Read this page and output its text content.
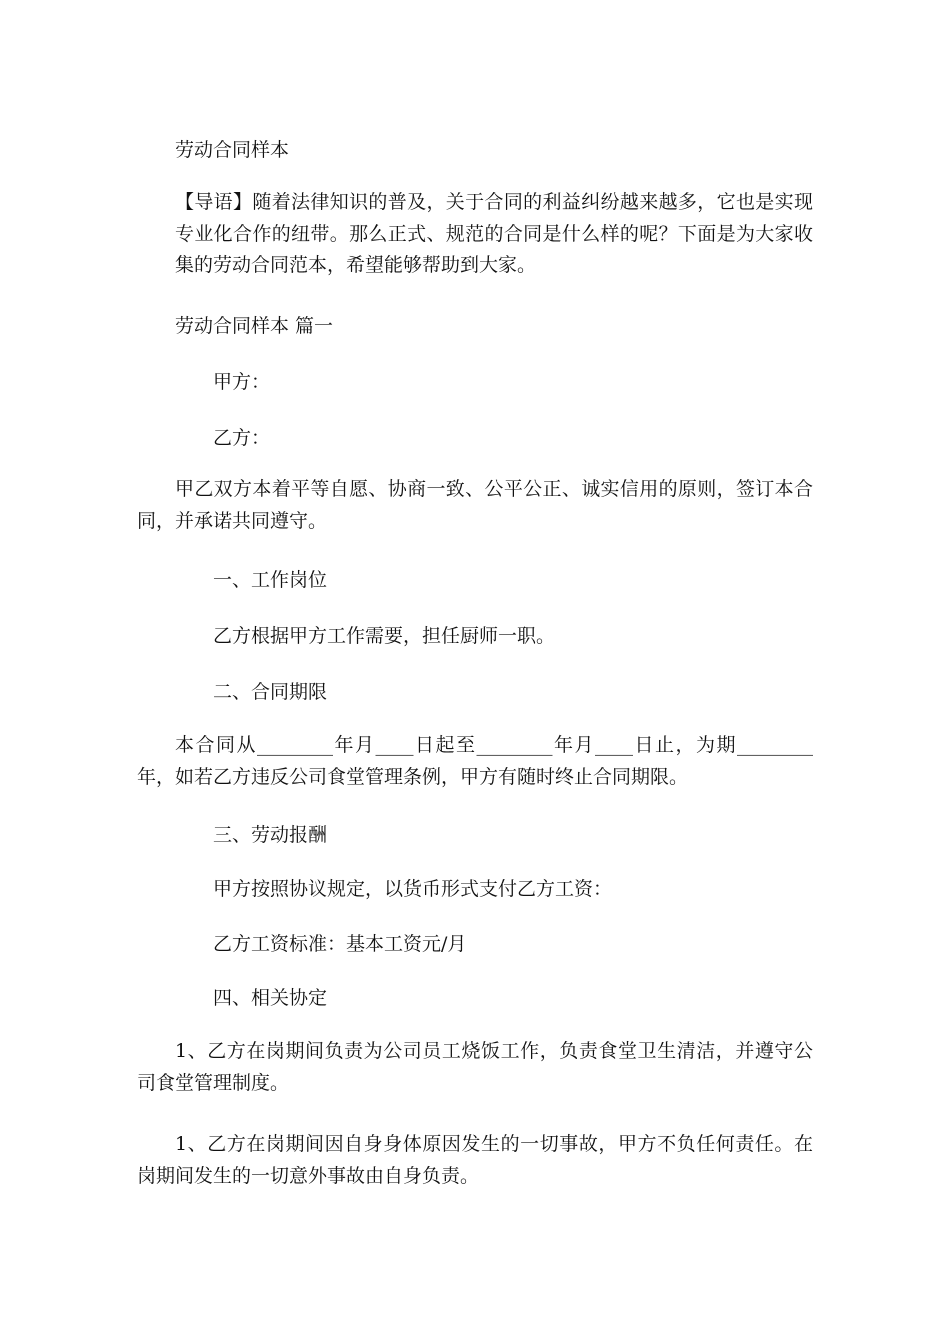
劳动合同样本

【导语】随着法律知识的普及，关于合同的利益纠纷越来越多，它也是实现专业化合作的纽带。那么正式、规范的合同是什么样的呢？下面是为大家收集的劳动合同范本，希望能够帮助到大家。

劳动合同样本 篇一

甲方：

乙方：

甲乙双方本着平等自愿、协商一致、公平公正、诚实信用的原则，签订本合同，并承诺共同遵守。

一、工作岗位

乙方根据甲方工作需要，担任厨师一职。

二、合同期限

本合同从________年月____日起至________年月____日止，为期________年，如若乙方违反公司食堂管理条例，甲方有随时终止合同期限。

三、劳动报酬

甲方按照协议规定，以货币形式支付乙方工资：

乙方工资标准：基本工资元/月

四、相关协定

1、乙方在岗期间负责为公司员工烧饭工作，负责食堂卫生清洁，并遵守公司食堂管理制度。

1、乙方在岗期间因自身身体原因发生的一切事故，甲方不负任何责任。在岗期间发生的一切意外事故由自身负责。
